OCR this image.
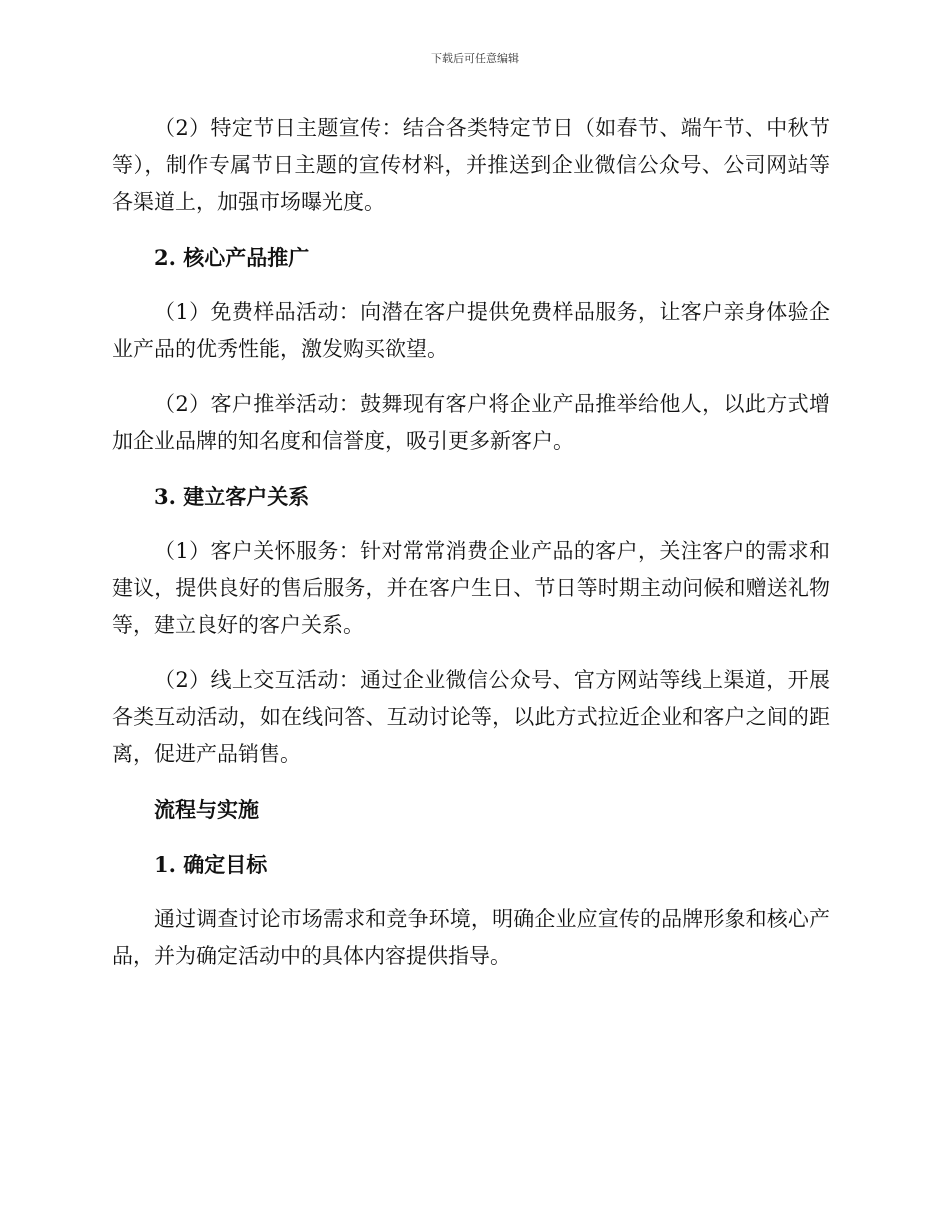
下载后可任意编辑

（2）特定节日主题宣传：结合各类特定节日（如春节、端午节、中秋节等），制作专属节日主题的宣传材料，并推送到企业微信公众号、公司网站等各渠道上，加强市场曝光度。

2. 核心产品推广

（1）免费样品活动：向潜在客户提供免费样品服务，让客户亲身体验企业产品的优秀性能，激发购买欲望。

（2）客户推举活动：鼓舞现有客户将企业产品推举给他人，以此方式增加企业品牌的知名度和信誉度，吸引更多新客户。

3. 建立客户关系

（1）客户关怀服务：针对常常消费企业产品的客户，关注客户的需求和建议，提供良好的售后服务，并在客户生日、节日等时期主动问候和赠送礼物等，建立良好的客户关系。

（2）线上交互活动：通过企业微信公众号、官方网站等线上渠道，开展各类互动活动，如在线问答、互动讨论等，以此方式拉近企业和客户之间的距离，促进产品销售。

流程与实施

1. 确定目标

通过调查讨论市场需求和竞争环境，明确企业应宣传的品牌形象和核心产品，并为确定活动中的具体内容提供指导。
